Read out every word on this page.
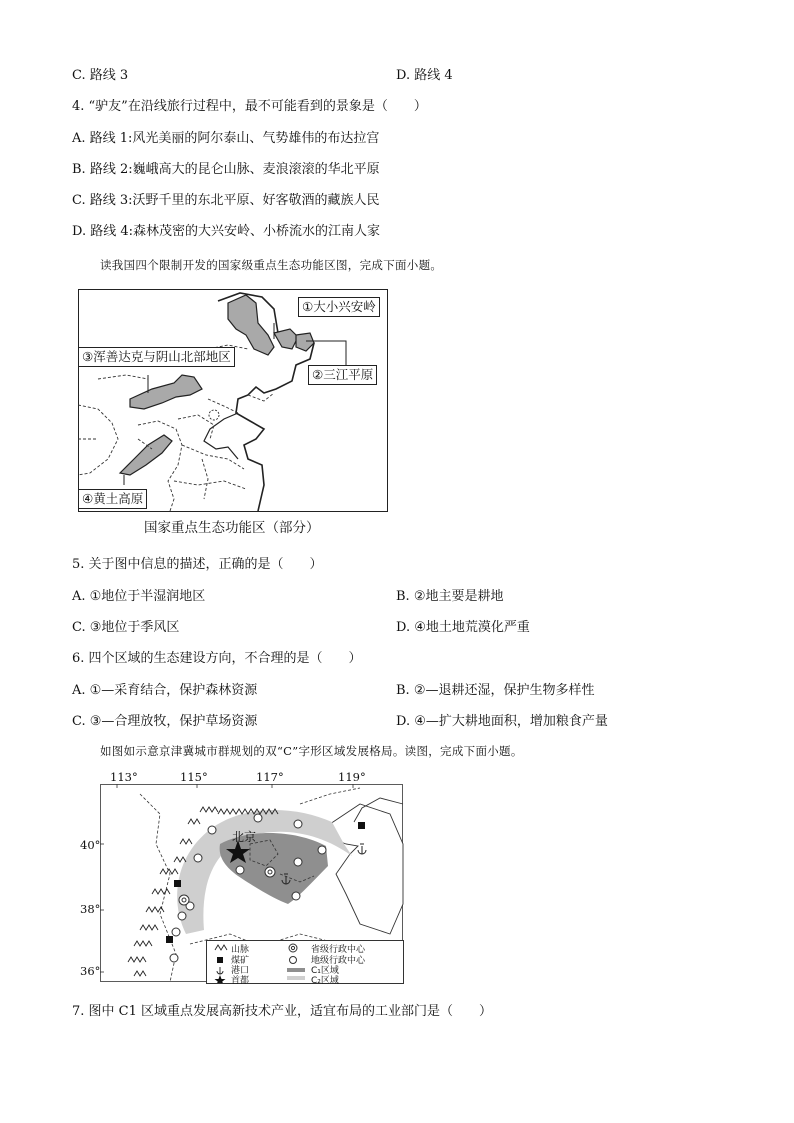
C. 路线 3	D. 路线 4
4. “驴友”在沿线旅行过程中，最不可能看到的景象是（　　）
A. 路线 1:风光美丽的阿尔泰山、气势雄伟的布达拉宫
B. 路线 2:巍峨高大的昆仑山脉、麦浪滚滚的华北平原
C. 路线 3:沃野千里的东北平原、好客敬酒的藏族人民
D. 路线 4:森林茂密的大兴安岭、小桥流水的江南人家
读我国四个限制开发的国家级重点生态功能区图，完成下面小题。
①大小兴安岭
②三江平原
③浑善达克与阴山北部地区
④黄土高原
国家重点生态功能区（部分）
5. 关于图中信息的描述，正确的是（　　）
A. ①地位于半湿润地区	B. ②地主要是耕地
C. ③地位于季风区	D. ④地土地荒漠化严重
6. 四个区域的生态建设方向，不合理的是（　　）
A. ①—采育结合，保护森林资源	B. ②—退耕还湿，保护生物多样性
C. ③—合理放牧，保护草场资源	D. ④—扩大耕地面积，增加粮食产量
如图如示意京津冀城市群规划的双“C”字形区域发展格局。读图，完成下面小题。
113°	115°	117°	119°
40°
38°
36°
北京
山脉
煤矿
港口
首都
省级行政中心
地级行政中心
C₁区域
C₂区域
7. 图中 C1 区域重点发展高新技术产业，适宜布局的工业部门是（　　）
